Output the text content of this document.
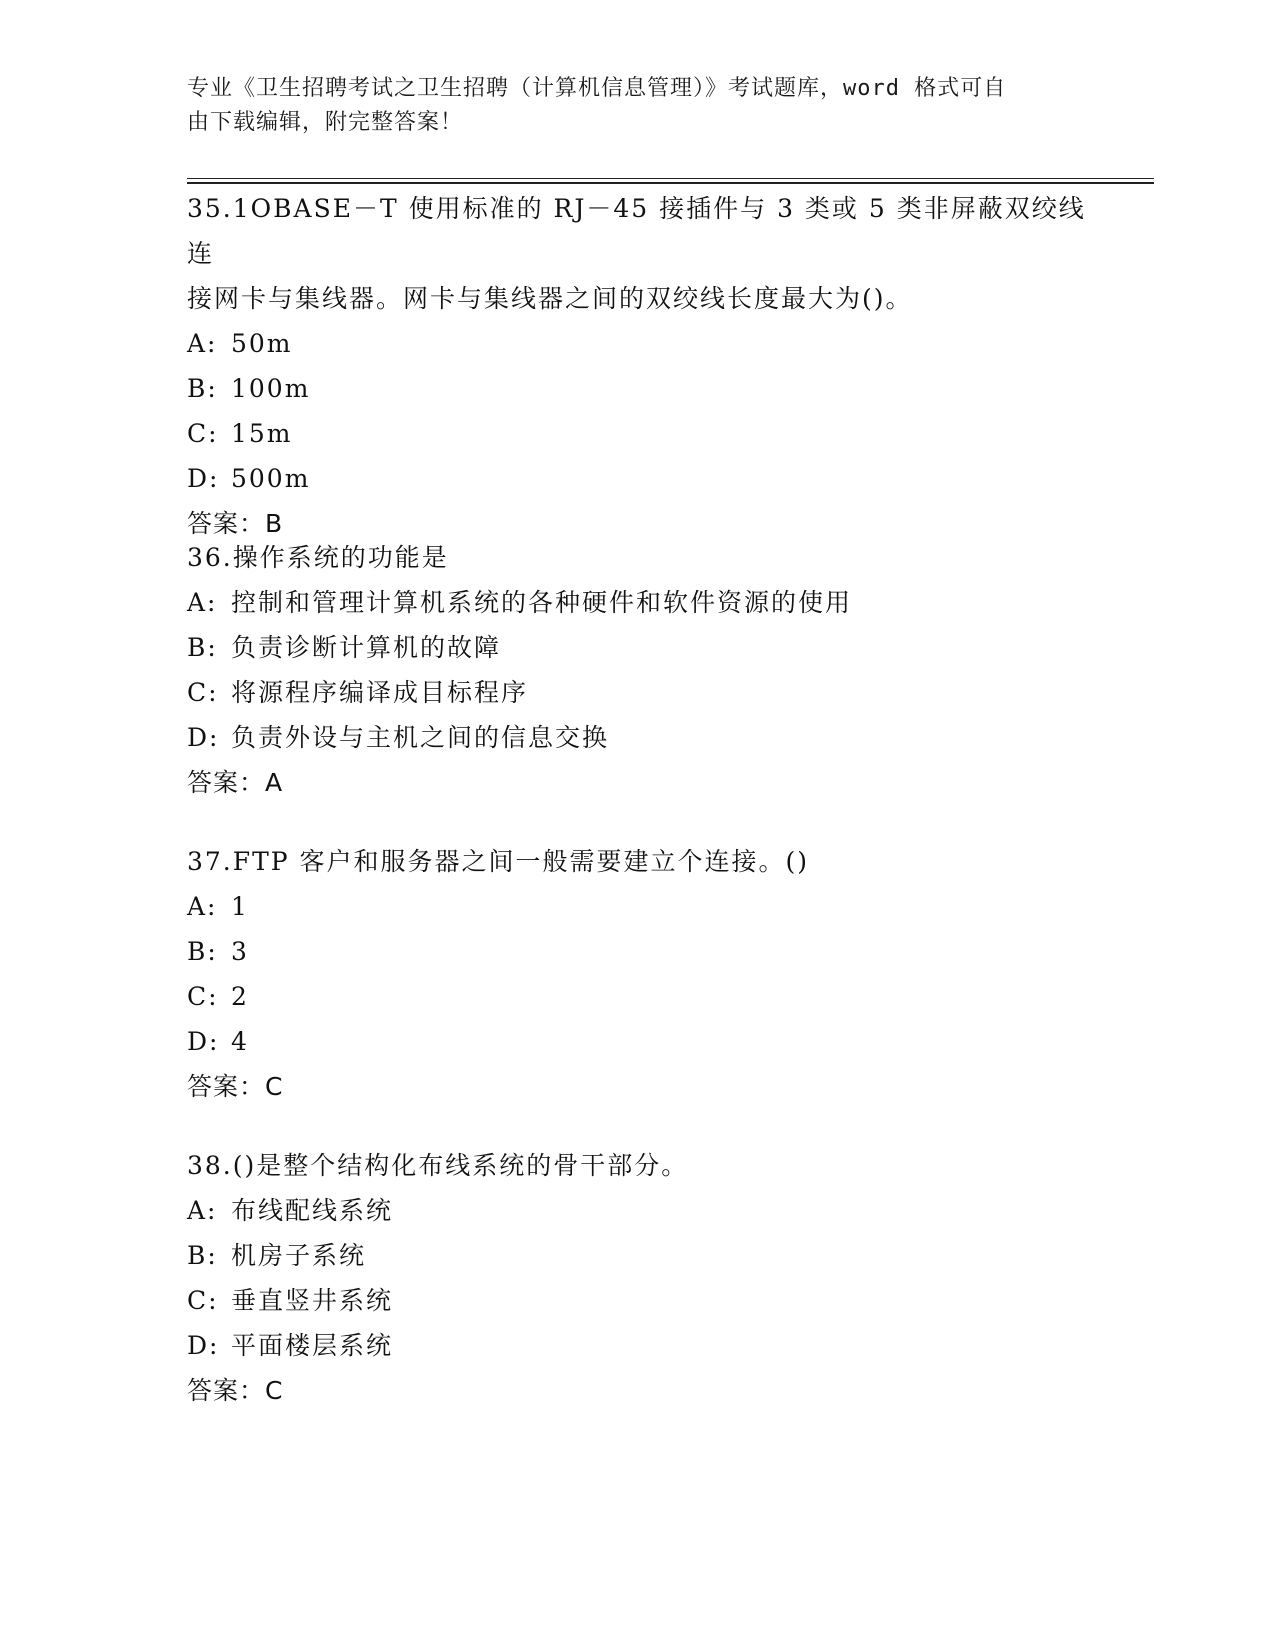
专业《卫生招聘考试之卫生招聘（计算机信息管理）》考试题库，word 格式可自
由下载编辑，附完整答案！

35.1OBASE－T 使用标准的 RJ－45 接插件与 3 类或 5 类非屏蔽双绞线连

接网卡与集线器。网卡与集线器之间的双绞线长度最大为()。

A: 50m

B: 100m

C: 15m

D: 500m

答案：B

36.操作系统的功能是

A: 控制和管理计算机系统的各种硬件和软件资源的使用

B: 负责诊断计算机的故障

C: 将源程序编译成目标程序

D: 负责外设与主机之间的信息交换

答案：A

37.FTP 客户和服务器之间一般需要建立个连接。()

A: 1

B: 3

C: 2

D: 4

答案：C

38.()是整个结构化布线系统的骨干部分。

A: 布线配线系统

B: 机房子系统

C: 垂直竖井系统

D: 平面楼层系统

答案：C
